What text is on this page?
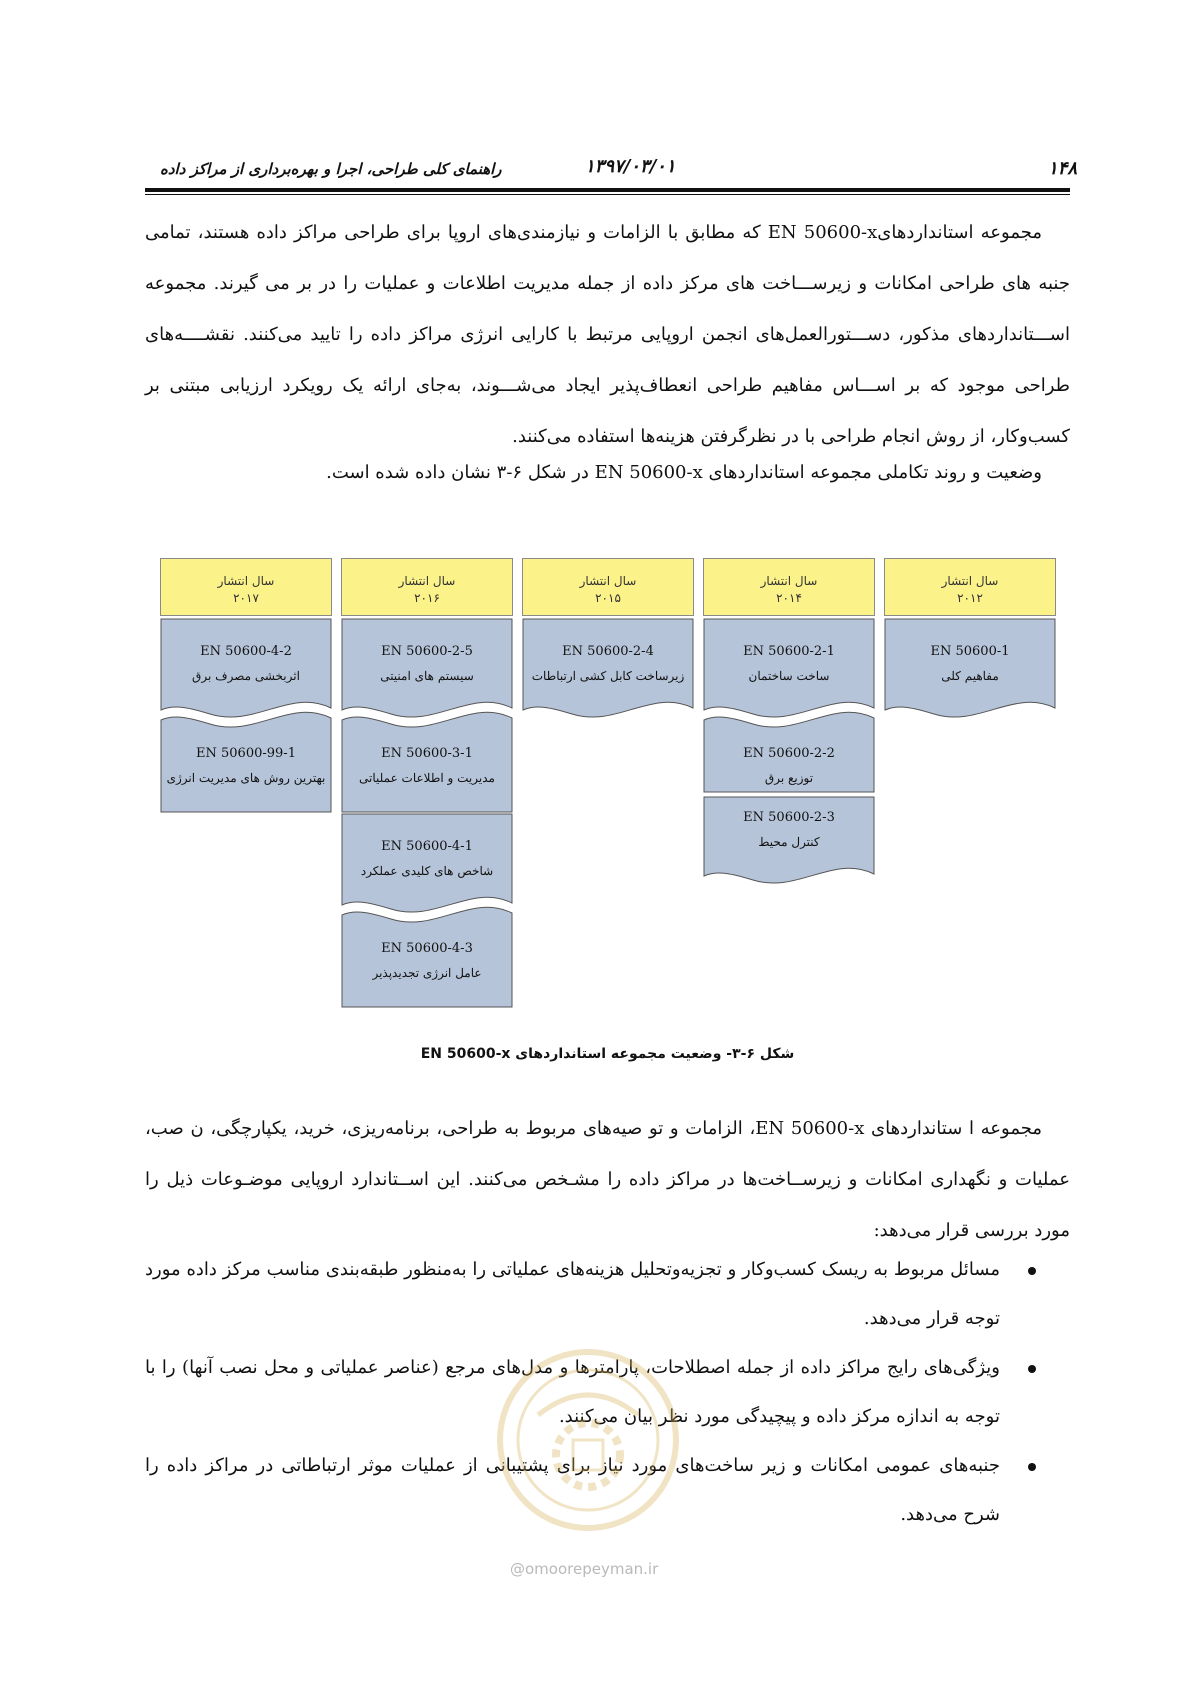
۱۴۸
۱۳۹۷/۰۳/۰۱
راهنمای کلی طراحی، اجرا و بهره‌برداری از مراکز داده

مجموعه استانداردهایEN 50600-x که مطابق با الزامات و نیازمندی‌های اروپا برای طراحی مراکز داده هستند، تمامی جنبه‌ های طراحی امکانات و زیرســـاخت‌ های مرکز داده از جمله مدیریت اطلاعات و عملیات را در بر می گیرند. مجموعه اســـتانداردهای مذکور، دســـتورالعمل‌های انجمن اروپایی مرتبط با کارایی انرژی مراکز داده را تایید می‌کنند. نقشــــه‌های طراحی موجود که بر اســـاس مفاهیم طراحی انعطاف‌پذیر ایجاد می‌شـــوند، به‌جای ارائه یک رویکرد ارزیابی مبتنی بر کسب‌وکار، از روش انجام طراحی با در نظرگرفتن هزینه‌ها استفاده می‌کنند.

وضعیت و روند تکاملی مجموعه استانداردهای EN 50600-x در شکل ۶-۳ نشان داده شده است.

سال انتشار
۲۰۱۷
EN 50600-4-2
اثربخشی مصرف برق
EN 50600-99-1
بهترین روش های مدیریت انرژی
سال انتشار
۲۰۱۶
EN 50600-2-5
سیستم های امنیتی
EN 50600-3-1
مدیریت و اطلاعات عملیاتی
EN 50600-4-1
شاخص های کلیدی عملکرد
EN 50600-4-3
عامل انرژی تجدیدپذیر
سال انتشار
۲۰۱۵
EN 50600-2-4
زیرساخت کابل کشی ارتباطات
سال انتشار
۲۰۱۴
EN 50600-2-1
ساخت ساختمان
EN 50600-2-2
توزیع برق
EN 50600-2-3
کنترل محیط
سال انتشار
۲۰۱۲
EN 50600-1
مفاهیم کلی
شکل ۶-۳- وضعیت مجموعه استانداردهای EN 50600-x

مجموعه ا ستانداردهای EN 50600-x، الزامات و تو صیه‌های مربوط به طراحی، برنامه‌ریزی، خرید، یکپارچگی، ن صب، عملیات و نگهداری امکانات و زیرســاخت‌ها در مراکز داده را مشـخص می‌کنند. این اســتاندارد اروپایی موضـوعات ذیل را مورد بررسی قرار می‌دهد:

مسائل مربوط به ریسک کسب‌وکار و تجزیه‌وتحلیل هزینه‌های عملیاتی را به‌منظور طبقه‌بندی مناسب مرکز داده مورد توجه قرار می‌دهد.
ویژگی‌های رایج مراکز داده از جمله اصطلاحات، پارامترها و مدل‌های مرجع (عناصر عملیاتی و محل نصب آنها) را با توجه به اندازه مرکز داده و پیچیدگی مورد نظر بیان می‌کنند.
جنبه‌های عمومی امکانات و زیر ساخت‌های مورد نیاز برای پشتیبانی از عملیات موثر ارتباطاتی در مراکز داده را شرح می‌دهد.
@omoorepeyman.ir
